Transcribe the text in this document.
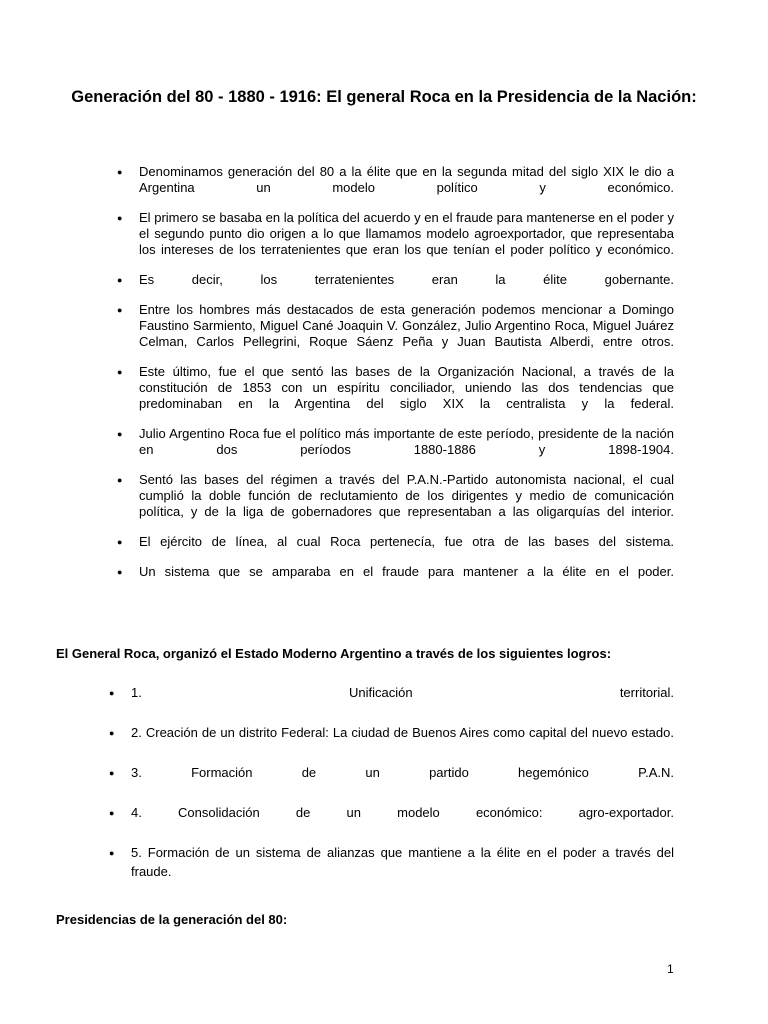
Generación del 80 - 1880 - 1916: El general Roca en la Presidencia de la Nación:
● Denominamos generación del 80 a la élite que en la segunda mitad del siglo XIX le dio a Argentina un modelo político y económico.
● El primero se basaba en la política del acuerdo y en el fraude para mantenerse en el poder y el segundo punto dio origen a lo que llamamos modelo agroexportador, que representaba los intereses de los terratenientes que eran los que tenían el poder político y económico.
● Es decir, los terratenientes eran la élite gobernante.
● Entre los hombres más destacados de esta generación podemos mencionar a Domingo Faustino Sarmiento, Miguel Cané Joaquin V. González, Julio Argentino Roca, Miguel Juárez Celman, Carlos Pellegrini, Roque Sáenz Peña y Juan Bautista Alberdi, entre otros.
● Este último, fue el que sentó las bases de la Organización Nacional, a través de la constitución de 1853 con un espíritu conciliador, uniendo las dos tendencias que predominaban en la Argentina del siglo XIX la centralista y la federal.
● Julio Argentino Roca fue el político más importante de este período, presidente de la nación en dos períodos 1880-1886 y 1898-1904.
● Sentó las bases del régimen a través del P.A.N.-Partido autonomista nacional, el cual cumplió la doble función de reclutamiento de los dirigentes y medio de comunicación política, y de la liga de gobernadores que representaban a las oligarquías del interior.
● El ejército de línea, al cual Roca pertenecía, fue otra de las bases del sistema.
● Un sistema que se amparaba en el fraude para mantener a la élite en el poder.
El General Roca, organizó el Estado Moderno Argentino a través de los siguientes logros:
● 1. Unificación territorial.
● 2. Creación de un distrito Federal: La ciudad de Buenos Aires como capital del nuevo estado.
● 3. Formación de un partido hegemónico P.A.N.
● 4. Consolidación de un modelo económico: agro-exportador.
● 5. Formación de un sistema de alianzas que mantiene a la élite en el poder a través del fraude.
Presidencias de la generación del 80:
1
